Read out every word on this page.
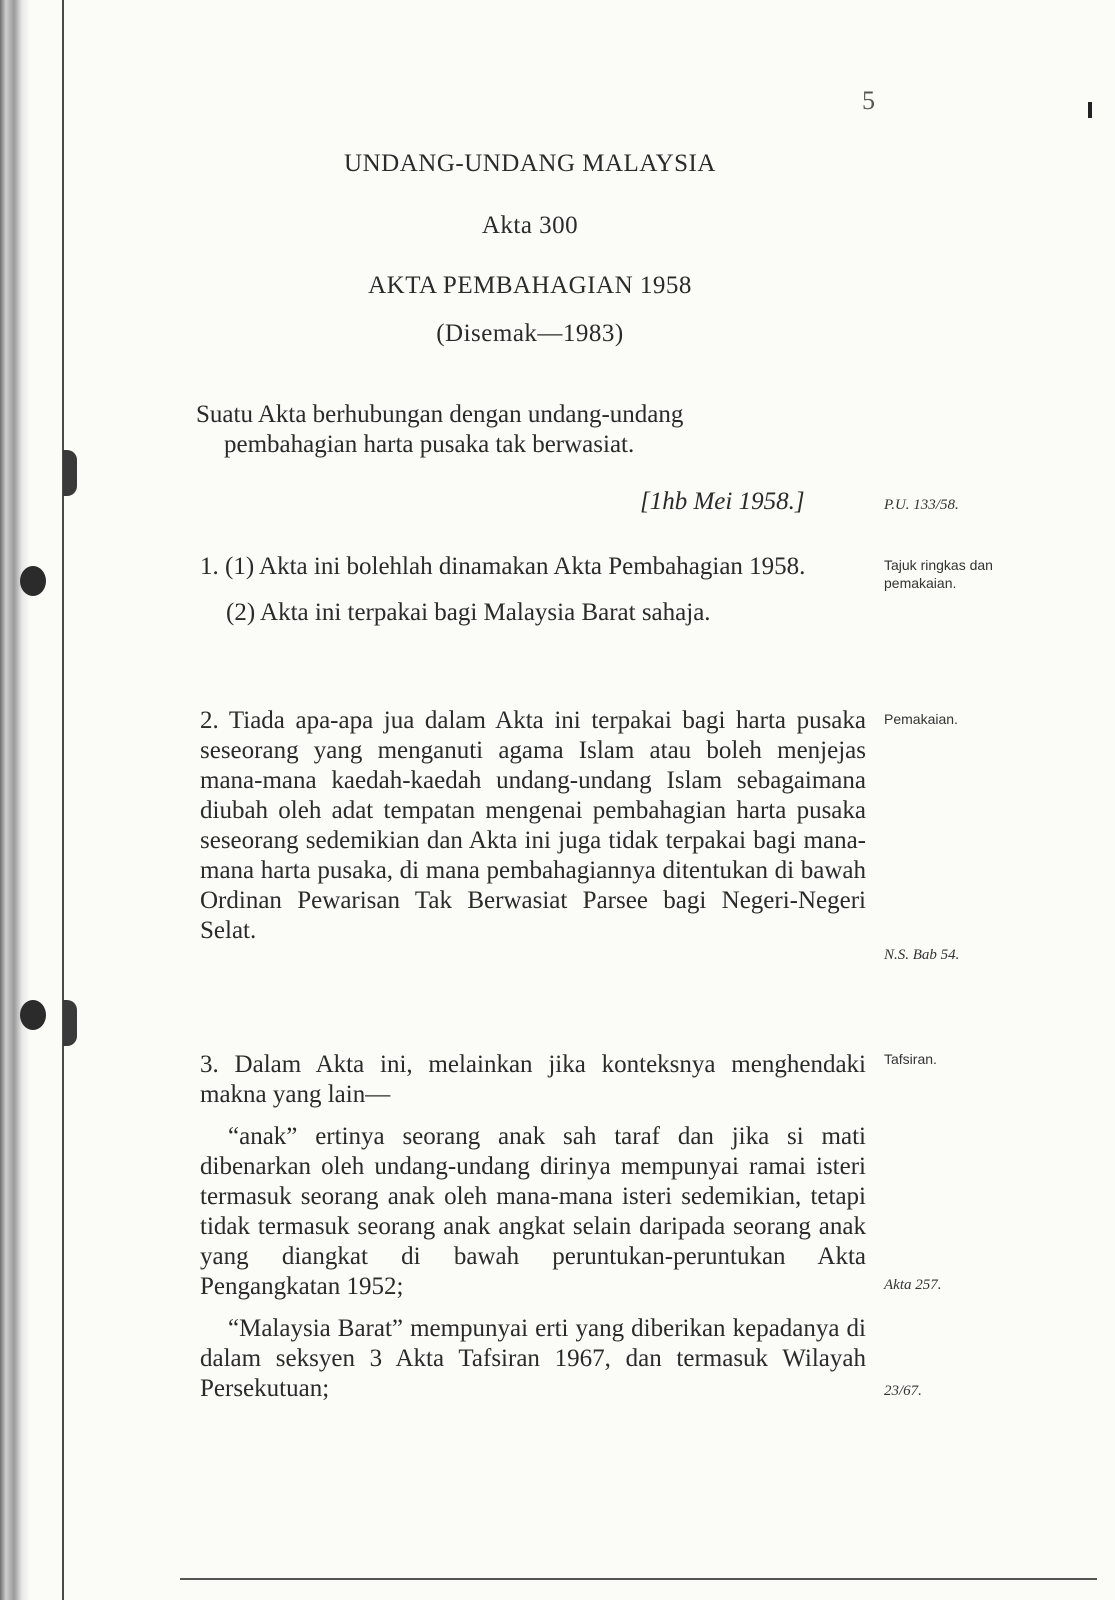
5
UNDANG-UNDANG MALAYSIA
Akta 300
AKTA PEMBAHAGIAN 1958
(Disemak—1983)
Suatu Akta berhubungan dengan undang-undang
pembahagian harta pusaka tak berwasiat.
[1hb Mei 1958.]	P.U. 133/58.
Tajuk ringkas dan pemakaian.
Pemakaian.
N.S. Bab 54.
Tafsiran.
Akta 257.
23/67.
1. (1) Akta ini bolehlah dinamakan Akta Pembahagian 1958.
(2) Akta ini terpakai bagi Malaysia Barat sahaja.
2. Tiada apa-apa jua dalam Akta ini terpakai bagi harta pusaka seseorang yang menganuti agama Islam atau boleh menjejas mana-mana kaedah-kaedah undang-undang Islam sebagaimana diubah oleh adat tempatan mengenai pembahagian harta pusaka seseorang sedemikian dan Akta ini juga tidak terpakai bagi mana-mana harta pusaka, di mana pembahagiannya ditentukan di bawah Ordinan Pewarisan Tak Berwasiat Parsee bagi Negeri-Negeri Selat.
3. Dalam Akta ini, melainkan jika konteksnya menghendaki makna yang lain—
“anak” ertinya seorang anak sah taraf dan jika si mati dibenarkan oleh undang-undang dirinya mempunyai ramai isteri termasuk seorang anak oleh mana-mana isteri sedemikian, tetapi tidak termasuk seorang anak angkat selain daripada seorang anak yang diangkat di bawah peruntukan-peruntukan Akta Pengangkatan 1952;
“Malaysia Barat” mempunyai erti yang diberikan kepadanya di dalam seksyen 3 Akta Tafsiran 1967, dan termasuk Wilayah Persekutuan;
